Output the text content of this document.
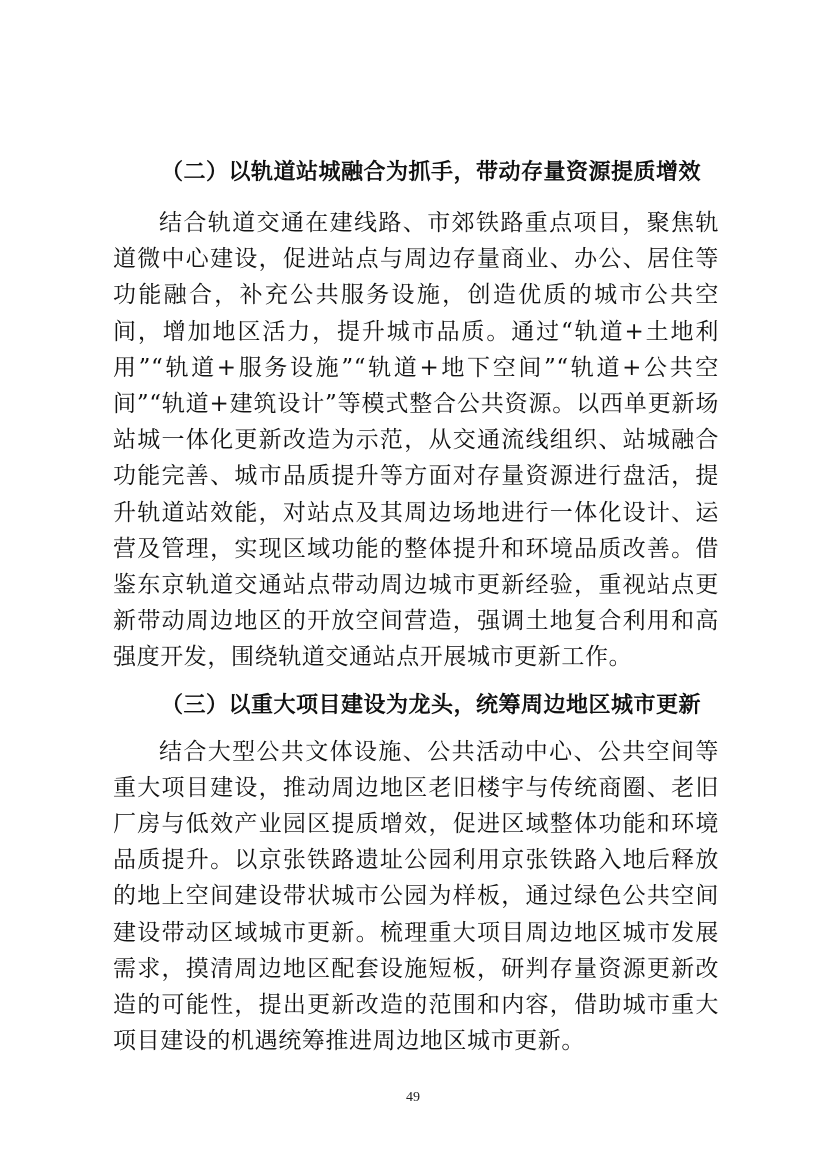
（二）以轨道站城融合为抓手，带动存量资源提质增效

结合轨道交通在建线路、市郊铁路重点项目，聚焦轨道微中心建设，促进站点与周边存量商业、办公、居住等功能融合，补充公共服务设施，创造优质的城市公共空间，增加地区活力，提升城市品质。通过“轨道+土地利用”“轨道+服务设施”“轨道+地下空间”“轨道+公共空间”“轨道+建筑设计”等模式整合公共资源。以西单更新场站城一体化更新改造为示范，从交通流线组织、站城融合功能完善、城市品质提升等方面对存量资源进行盘活，提升轨道站效能，对站点及其周边场地进行一体化设计、运营及管理，实现区域功能的整体提升和环境品质改善。借鉴东京轨道交通站点带动周边城市更新经验，重视站点更新带动周边地区的开放空间营造，强调土地复合利用和高强度开发，围绕轨道交通站点开展城市更新工作。

（三）以重大项目建设为龙头，统筹周边地区城市更新

结合大型公共文体设施、公共活动中心、公共空间等重大项目建设，推动周边地区老旧楼宇与传统商圈、老旧厂房与低效产业园区提质增效，促进区域整体功能和环境品质提升。以京张铁路遗址公园利用京张铁路入地后释放的地上空间建设带状城市公园为样板，通过绿色公共空间建设带动区域城市更新。梳理重大项目周边地区城市发展需求，摸清周边地区配套设施短板，研判存量资源更新改造的可能性，提出更新改造的范围和内容，借助城市重大项目建设的机遇统筹推进周边地区城市更新。

49
